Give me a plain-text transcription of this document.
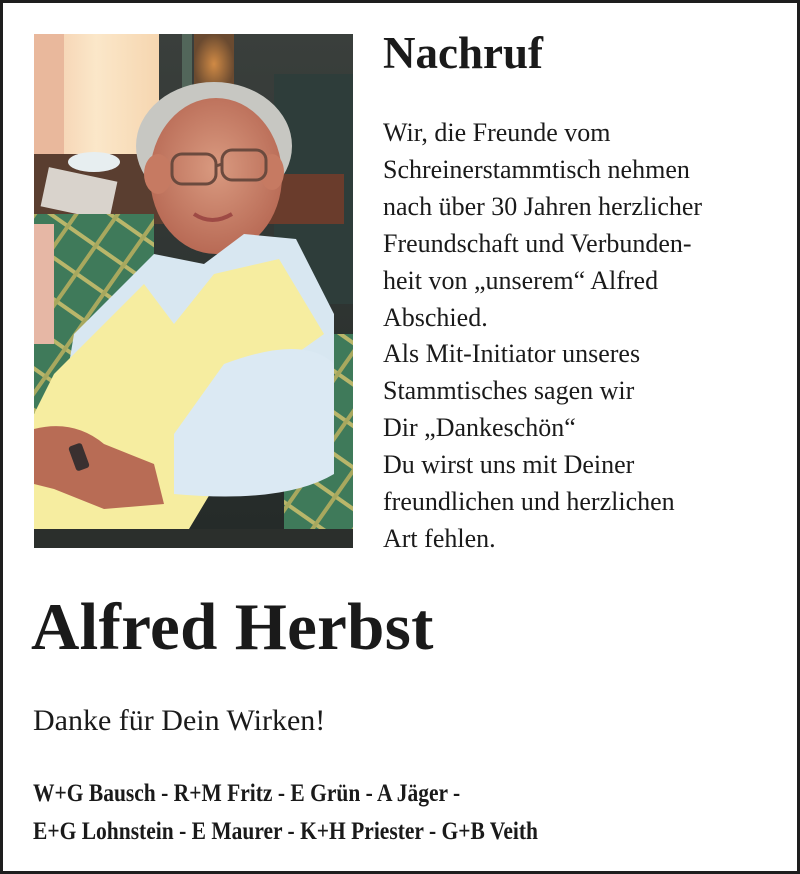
Nachruf
Wir, die Freunde vom
Schreinerstammtisch nehmen
nach über 30 Jahren herzlicher
Freundschaft und Verbunden-
heit von „unserem“ Alfred
Abschied.
Als Mit-Initiator unseres
Stammtisches sagen wir
Dir „Dankeschön“
Du wirst uns mit Deiner
freundlichen und herzlichen
Art fehlen.
Alfred Herbst
Danke für Dein Wirken!
W+G Bausch - R+M Fritz - E Grün - A Jäger -
E+G Lohnstein - E Maurer - K+H Priester - G+B Veith
